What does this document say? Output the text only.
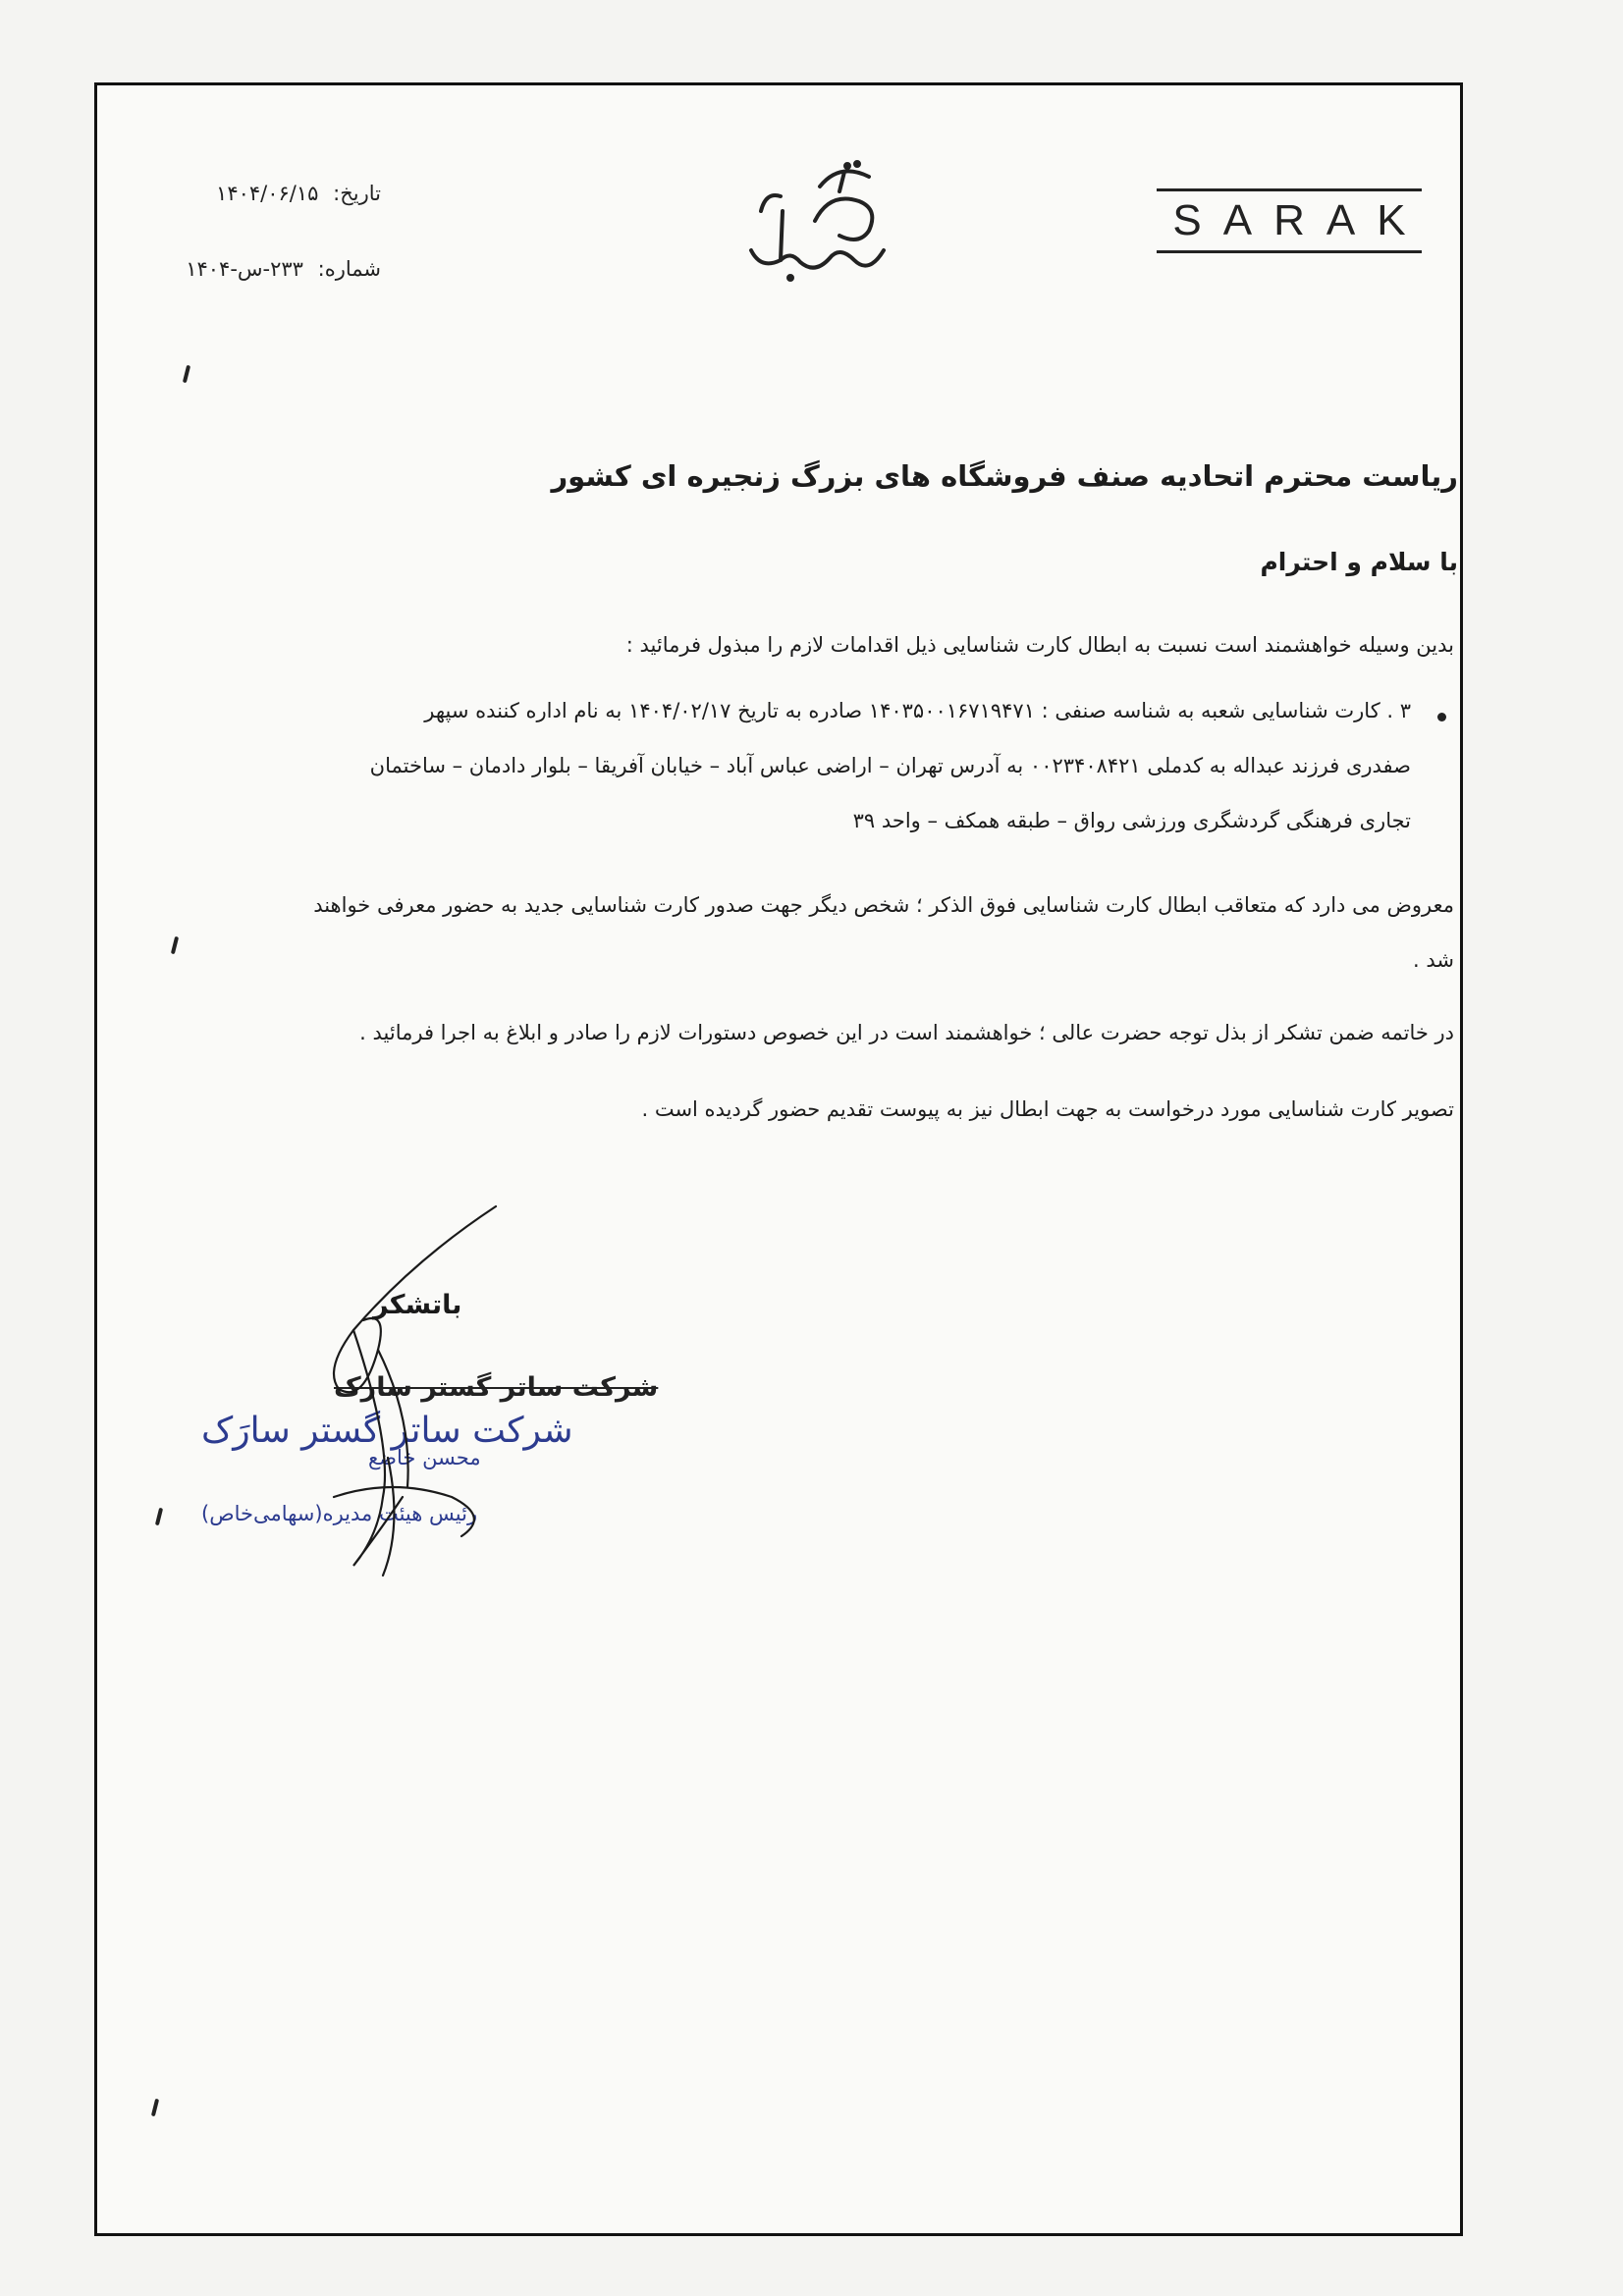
SARAK
تاریخ: ۱۴۰۴/۰۶/۱۵
شماره: ۲۳۳-س-۱۴۰۴
ریاست محترم اتحادیه صنف فروشگاه های بزرگ زنجیره ای کشور
با سلام و احترام
بدین وسیله خواهشمند است نسبت به ابطال کارت شناسایی ذیل اقدامات لازم را مبذول فرمائید :
۳ . کارت شناسایی شعبه به شناسه صنفی : ۱۴۰۳۵۰۰۱۶۷۱۹۴۷۱ صادره به تاریخ ۱۴۰۴/۰۲/۱۷ به نام اداره کننده سپهر
صفدری فرزند عبداله به کدملی ۰۰۲۳۴۰۸۴۲۱ به آدرس تهران – اراضی عباس آباد – خیابان آفریقا – بلوار دادمان – ساختمان
تجاری فرهنگی گردشگری ورزشی رواق – طبقه همکف – واحد ۳۹
معروض می دارد که متعاقب ابطال کارت شناسایی فوق الذکر ؛ شخص دیگر جهت صدور کارت شناسایی جدید به حضور معرفی خواهند
شد .
در خاتمه ضمن تشکر از بذل توجه حضرت عالی ؛ خواهشمند است در این خصوص دستورات لازم را صادر و ابلاغ به اجرا فرمائید .
تصویر کارت شناسایی مورد درخواست به جهت ابطال نیز به پیوست تقدیم حضور گردیده است .
باتشکر
شرکت ساتر گستر سارک
شرکت ساتر گستر سارَک
محسن خاضع
رئیس هیئت مدیره(سهامی‌خاص)
